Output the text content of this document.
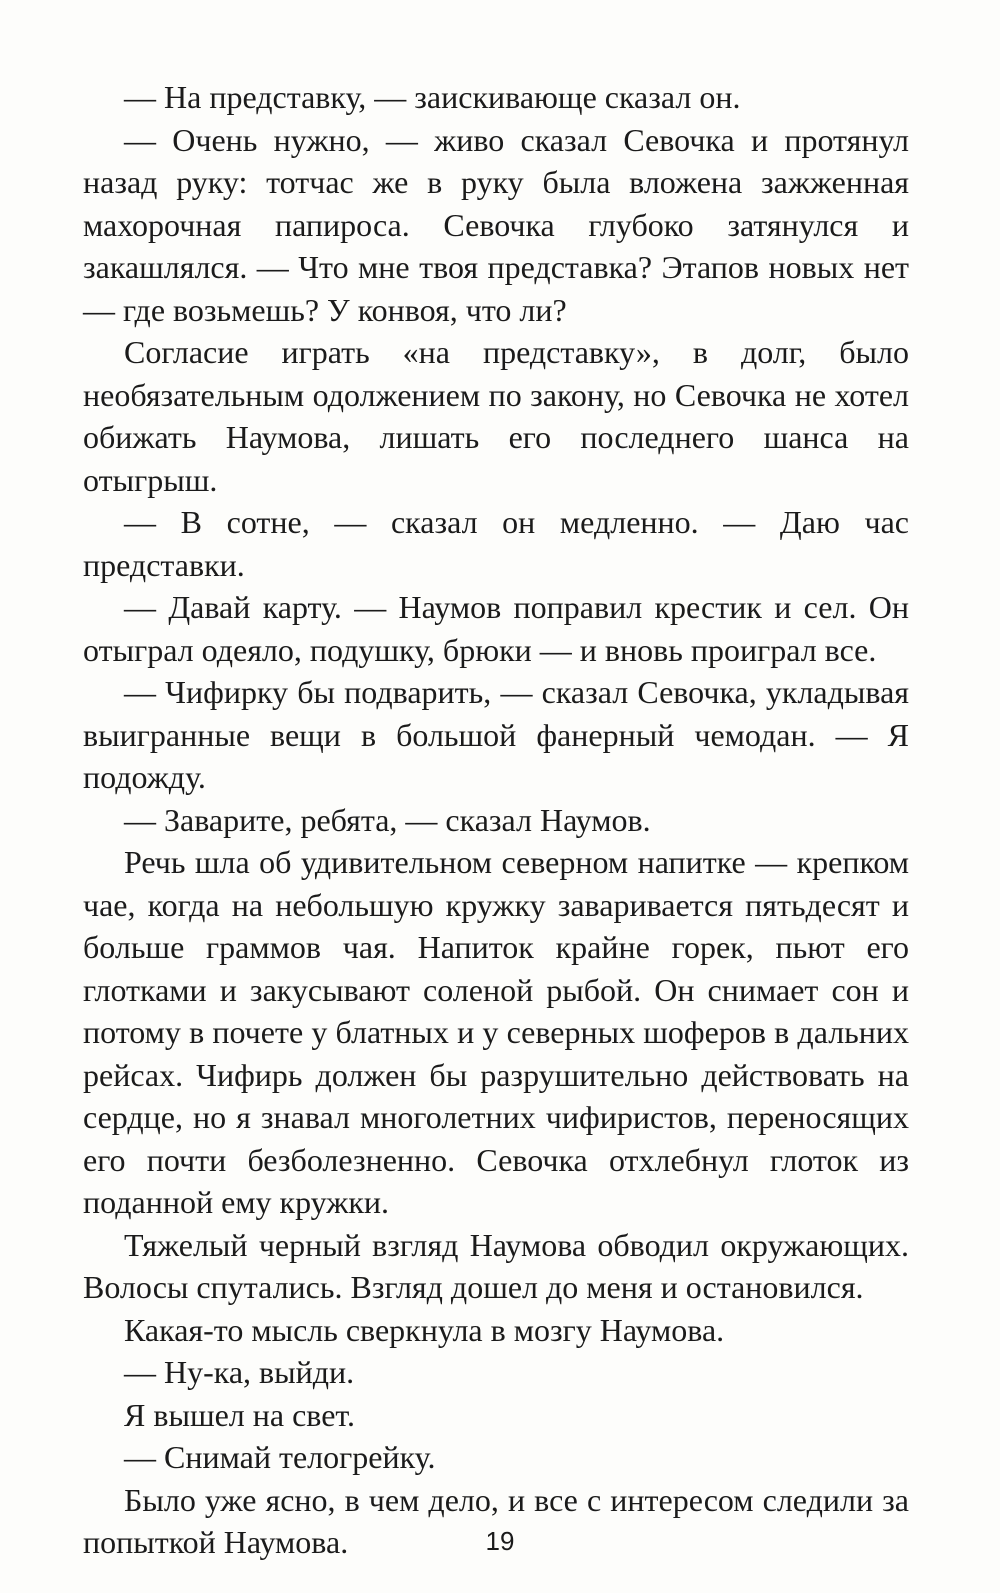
— На представку, — заискивающе сказал он.

— Очень нужно, — живо сказал Севочка и протянул назад руку: тотчас же в руку была вложена зажженная махорочная папироса. Севочка глубоко затянулся и закашлялся. — Что мне твоя представка? Этапов новых нет — где возьмешь? У конвоя, что ли?

Согласие играть «на представку», в долг, было необязательным одолжением по закону, но Севочка не хотел обижать Наумова, лишать его последнего шанса на отыгрыш.

— В сотне, — сказал он медленно. — Даю час представки.

— Давай карту. — Наумов поправил крестик и сел. Он отыграл одеяло, подушку, брюки — и вновь проиграл все.

— Чифирку бы подварить, — сказал Севочка, укладывая выигранные вещи в большой фанерный чемодан. — Я подожду.

— Заварите, ребята, — сказал Наумов.

Речь шла об удивительном северном напитке — крепком чае, когда на небольшую кружку заваривается пятьдесят и больше граммов чая. Напиток крайне горек, пьют его глотками и закусывают соленой рыбой. Он снимает сон и потому в почете у блатных и у северных шоферов в дальних рейсах. Чифирь должен бы разрушительно действовать на сердце, но я знавал многолетних чифиристов, переносящих его почти безболезненно. Севочка отхлебнул глоток из поданной ему кружки.

Тяжелый черный взгляд Наумова обводил окружающих. Волосы спутались. Взгляд дошел до меня и остановился.

Какая-то мысль сверкнула в мозгу Наумова.

— Ну-ка, выйди.

Я вышел на свет.

— Снимай телогрейку.

Было уже ясно, в чем дело, и все с интересом следили за попыткой Наумова.	19
